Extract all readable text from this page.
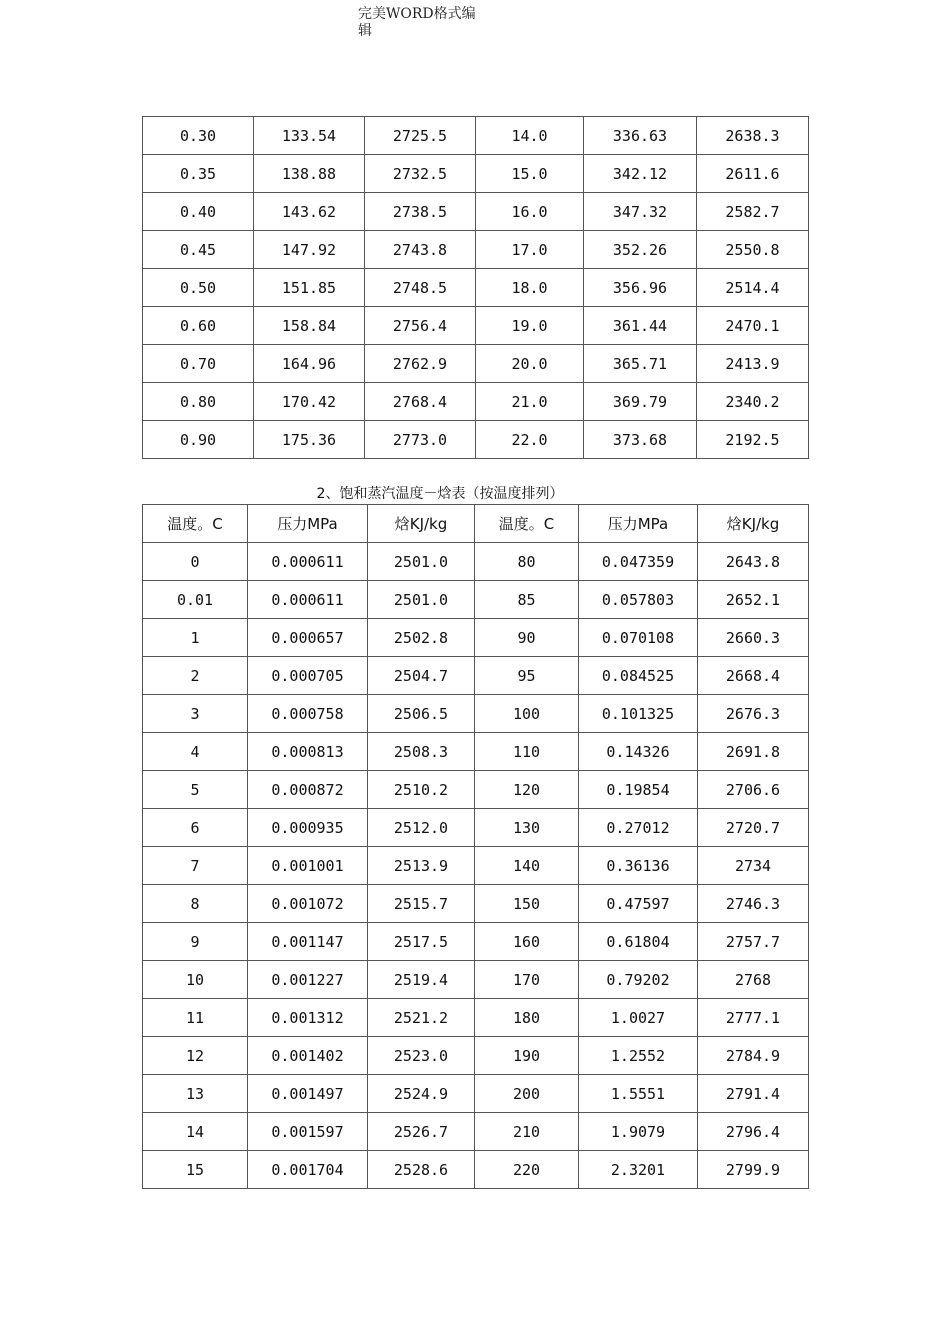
完美WORD格式编
辑
0.30	133.54	2725.5	14.0	336.63	2638.3
0.35	138.88	2732.5	15.0	342.12	2611.6
0.40	143.62	2738.5	16.0	347.32	2582.7
0.45	147.92	2743.8	17.0	352.26	2550.8
0.50	151.85	2748.5	18.0	356.96	2514.4
0.60	158.84	2756.4	19.0	361.44	2470.1
0.70	164.96	2762.9	20.0	365.71	2413.9
0.80	170.42	2768.4	21.0	369.79	2340.2
0.90	175.36	2773.0	22.0	373.68	2192.5
2、饱和蒸汽温度－焓表（按温度排列）
温度。C	压力MPa	焓KJ/kg	温度。C	压力MPa	焓KJ/kg
0	0.000611	2501.0	80	0.047359	2643.8
0.01	0.000611	2501.0	85	0.057803	2652.1
1	0.000657	2502.8	90	0.070108	2660.3
2	0.000705	2504.7	95	0.084525	2668.4
3	0.000758	2506.5	100	0.101325	2676.3
4	0.000813	2508.3	110	0.14326	2691.8
5	0.000872	2510.2	120	0.19854	2706.6
6	0.000935	2512.0	130	0.27012	2720.7
7	0.001001	2513.9	140	0.36136	2734
8	0.001072	2515.7	150	0.47597	2746.3
9	0.001147	2517.5	160	0.61804	2757.7
10	0.001227	2519.4	170	0.79202	2768
11	0.001312	2521.2	180	1.0027	2777.1
12	0.001402	2523.0	190	1.2552	2784.9
13	0.001497	2524.9	200	1.5551	2791.4
14	0.001597	2526.7	210	1.9079	2796.4
15	0.001704	2528.6	220	2.3201	2799.9
